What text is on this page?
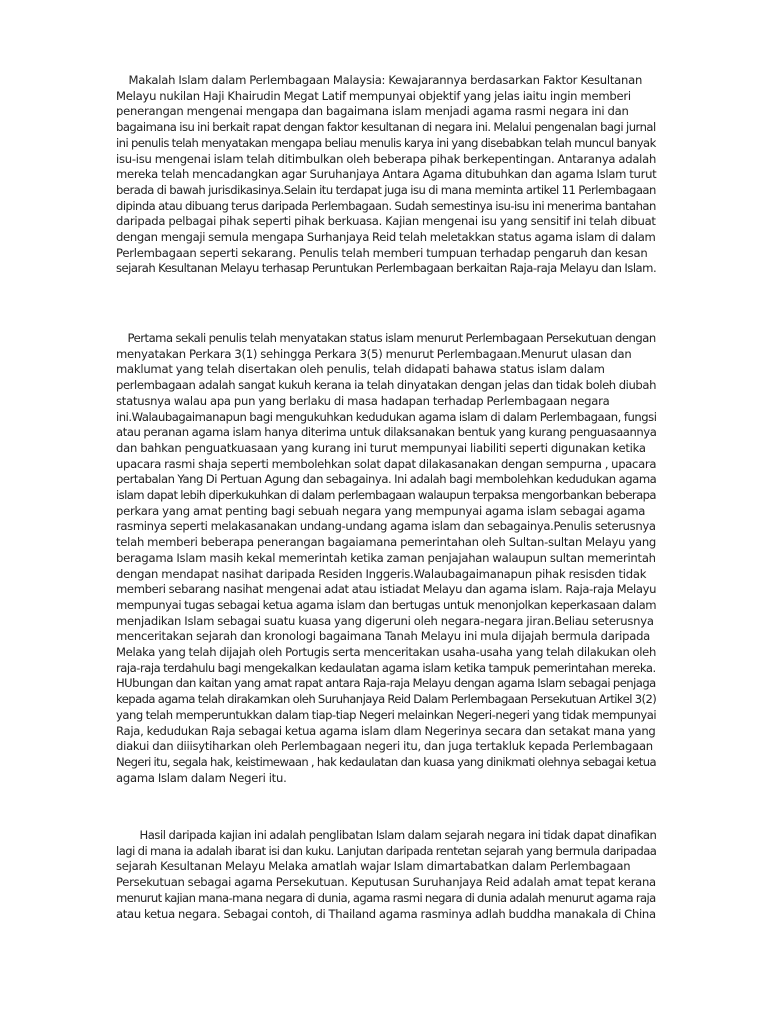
Makalah Islam dalam Perlembagaan Malaysia: Kewajarannya berdasarkan Faktor Kesultanan
Melayu nukilan Haji Khairudin Megat Latif mempunyai objektif yang jelas iaitu ingin memberi
penerangan mengenai mengapa dan bagaimana islam menjadi agama rasmi negara ini dan
bagaimana isu ini berkait rapat dengan faktor kesultanan di negara ini. Melalui pengenalan bagi jurnal
ini penulis telah menyatakan mengapa beliau menulis karya ini yang disebabkan telah muncul banyak
isu-isu mengenai islam telah ditimbulkan oleh beberapa pihak berkepentingan. Antaranya adalah
mereka telah mencadangkan agar Suruhanjaya Antara Agama ditubuhkan dan agama Islam turut
berada di bawah jurisdikasinya.Selain itu terdapat juga isu di mana meminta artikel 11 Perlembagaan
dipinda atau dibuang terus daripada Perlembagaan. Sudah semestinya isu-isu ini menerima bantahan
daripada pelbagai pihak seperti pihak berkuasa. Kajian mengenai isu yang sensitif ini telah dibuat
dengan mengaji semula mengapa Surhanjaya Reid telah meletakkan status agama islam di dalam
Perlembagaan seperti sekarang. Penulis telah memberi tumpuan terhadap pengaruh dan kesan
sejarah Kesultanan Melayu terhasap Peruntukan Perlembagaan berkaitan Raja-raja Melayu dan Islam.
Pertama sekali penulis telah menyatakan status islam menurut Perlembagaan Persekutuan dengan
menyatakan Perkara 3(1) sehingga Perkara 3(5) menurut Perlembagaan.Menurut ulasan dan
maklumat yang telah disertakan oleh penulis, telah didapati bahawa status islam dalam
perlembagaan adalah sangat kukuh kerana ia telah dinyatakan dengan jelas dan tidak boleh diubah
statusnya walau apa pun yang berlaku di masa hadapan terhadap Perlembagaan negara
ini.Walaubagaimanapun bagi mengukuhkan kedudukan agama islam di dalam Perlembagaan, fungsi
atau peranan agama islam hanya diterima untuk dilaksanakan bentuk yang kurang penguasaannya
dan bahkan penguatkuasaan yang kurang ini turut mempunyai liabiliti seperti digunakan ketika
upacara rasmi shaja seperti membolehkan solat dapat dilakasanakan dengan sempurna , upacara
pertabalan Yang Di Pertuan Agung dan sebagainya. Ini adalah bagi membolehkan kedudukan agama
islam dapat lebih diperkukuhkan di dalam perlembagaan walaupun terpaksa mengorbankan beberapa
perkara yang amat penting bagi sebuah negara yang mempunyai agama islam sebagai agama
rasminya seperti melakasanakan undang-undang agama islam dan sebagainya.Penulis seterusnya
telah memberi beberapa penerangan bagaiamana pemerintahan oleh Sultan-sultan Melayu yang
beragama Islam masih kekal memerintah ketika zaman penjajahan walaupun sultan memerintah
dengan mendapat nasihat daripada Residen Inggeris.Walaubagaimanapun pihak resisden tidak
memberi sebarang nasihat mengenai adat atau istiadat Melayu dan agama islam. Raja-raja Melayu
mempunyai tugas sebagai ketua agama islam dan bertugas untuk menonjolkan keperkasaan dalam
menjadikan Islam sebagai suatu kuasa yang digeruni oleh negara-negara jiran.Beliau seterusnya
menceritakan sejarah dan kronologi bagaimana Tanah Melayu ini mula dijajah bermula daripada
Melaka yang telah dijajah oleh Portugis serta menceritakan usaha-usaha yang telah dilakukan oleh
raja-raja terdahulu bagi mengekalkan kedaulatan agama islam ketika tampuk pemerintahan mereka.
HUbungan dan kaitan yang amat rapat antara Raja-raja Melayu dengan agama Islam sebagai penjaga
kepada agama telah dirakamkan oleh Suruhanjaya Reid Dalam Perlembagaan Persekutuan Artikel 3(2)
yang telah memperuntukkan dalam tiap-tiap Negeri melainkan Negeri-negeri yang tidak mempunyai
Raja, kedudukan Raja sebagai ketua agama islam dlam Negerinya secara dan setakat mana yang
diakui dan diiisytiharkan oleh Perlembagaan negeri itu, dan juga tertakluk kepada Perlembagaan
Negeri itu, segala hak, keistimewaan , hak kedaulatan dan kuasa yang dinikmati olehnya sebagai ketua
agama Islam dalam Negeri itu.
Hasil daripada kajian ini adalah penglibatan Islam dalam sejarah negara ini tidak dapat dinafikan
lagi di mana ia adalah ibarat isi dan kuku. Lanjutan daripada rentetan sejarah yang bermula daripadaa
sejarah Kesultanan Melayu Melaka amatlah wajar Islam dimartabatkan dalam Perlembagaan
Persekutuan sebagai agama Persekutuan. Keputusan Suruhanjaya Reid adalah amat tepat kerana
menurut kajian mana-mana negara di dunia, agama rasmi negara di dunia adalah menurut agama raja
atau ketua negara. Sebagai contoh, di Thailand agama rasminya adlah buddha manakala di China
